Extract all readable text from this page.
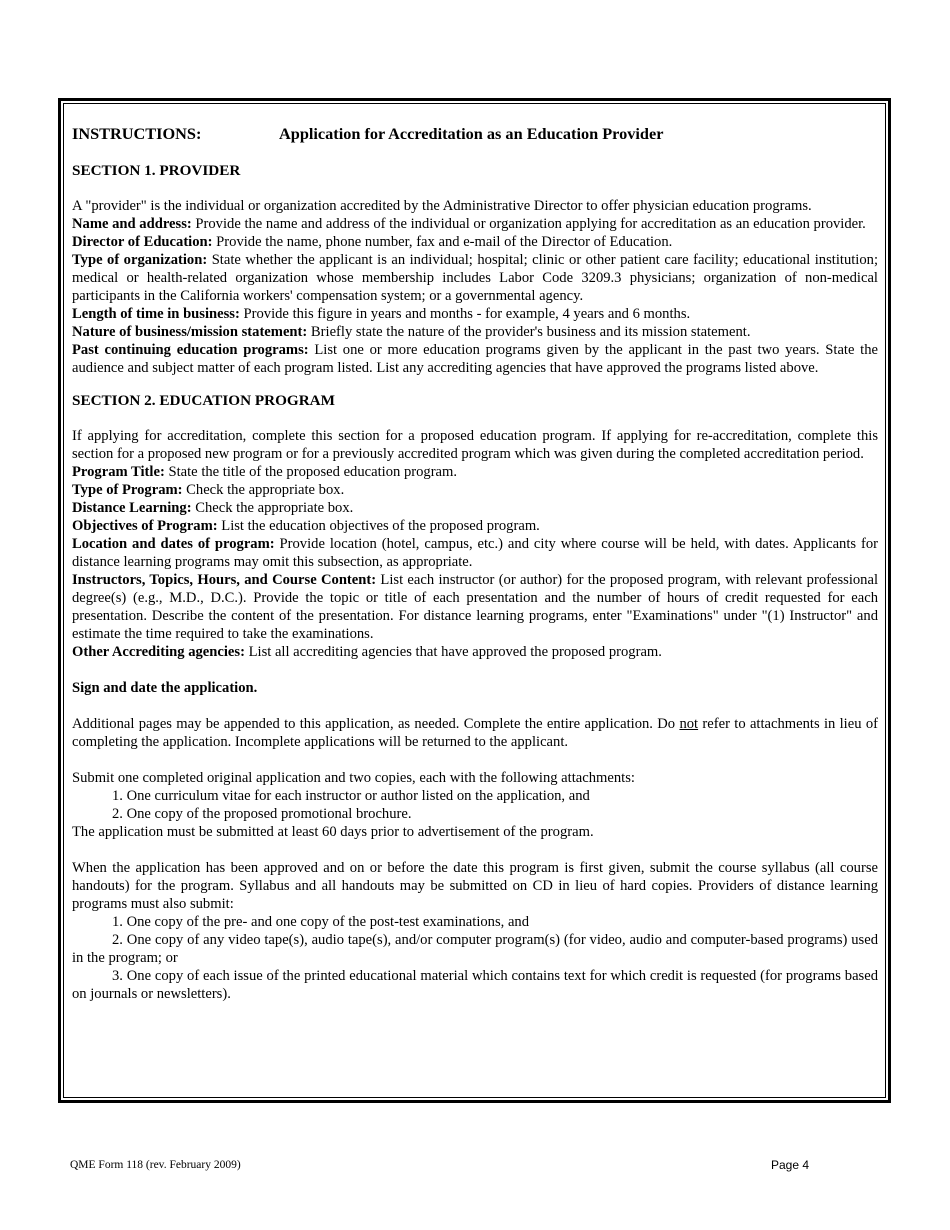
INSTRUCTIONS:	Application for Accreditation as an Education Provider
SECTION 1. PROVIDER

A "provider" is the individual or organization accredited by the Administrative Director to offer physician education programs.

Name and address: Provide the name and address of the individual or organization applying for accreditation as an education provider.

Director of Education: Provide the name, phone number, fax and e-mail of the Director of Education.

Type of organization: State whether the applicant is an individual; hospital; clinic or other patient care facility; educational institution; medical or health-related organization whose membership includes Labor Code 3209.3 physicians; organization of non-medical participants in the California workers' compensation system; or a governmental agency.

Length of time in business: Provide this figure in years and months - for example, 4 years and 6 months.

Nature of business/mission statement: Briefly state the nature of the provider's business and its mission statement.

Past continuing education programs: List one or more education programs given by the applicant in the past two years. State the audience and subject matter of each program listed. List any accrediting agencies that have approved the programs listed above.

SECTION 2. EDUCATION PROGRAM

If applying for accreditation, complete this section for a proposed education program. If applying for re-accreditation, complete this section for a proposed new program or for a previously accredited program which was given during the completed accreditation period.

Program Title: State the title of the proposed education program.

Type of Program: Check the appropriate box.

Distance Learning: Check the appropriate box.

Objectives of Program: List the education objectives of the proposed program.

Location and dates of program: Provide location (hotel, campus, etc.) and city where course will be held, with dates. Applicants for distance learning programs may omit this subsection, as appropriate.

Instructors, Topics, Hours, and Course Content: List each instructor (or author) for the proposed program, with relevant professional degree(s) (e.g., M.D., D.C.). Provide the topic or title of each presentation and the number of hours of credit requested for each presentation. Describe the content of the presentation. For distance learning programs, enter "Examinations" under "(1) Instructor" and estimate the time required to take the examinations.

Other Accrediting agencies: List all accrediting agencies that have approved the proposed program.

Sign and date the application.

Additional pages may be appended to this application, as needed. Complete the entire application. Do not refer to attachments in lieu of completing the application. Incomplete applications will be returned to the applicant.

Submit one completed original application and two copies, each with the following attachments:

1. One curriculum vitae for each instructor or author listed on the application, and

2. One copy of the proposed promotional brochure.

The application must be submitted at least 60 days prior to advertisement of the program.

When the application has been approved and on or before the date this program is first given, submit the course syllabus (all course handouts) for the program. Syllabus and all handouts may be submitted on CD in lieu of hard copies. Providers of distance learning programs must also submit:

1. One copy of the pre- and one copy of the post-test examinations, and

2. One copy of any video tape(s), audio tape(s), and/or computer program(s) (for video, audio and computer-based programs) used in the program; or

3. One copy of each issue of the printed educational material which contains text for which credit is requested (for programs based on journals or newsletters).

QME Form 118 (rev. February 2009)	Page 4
